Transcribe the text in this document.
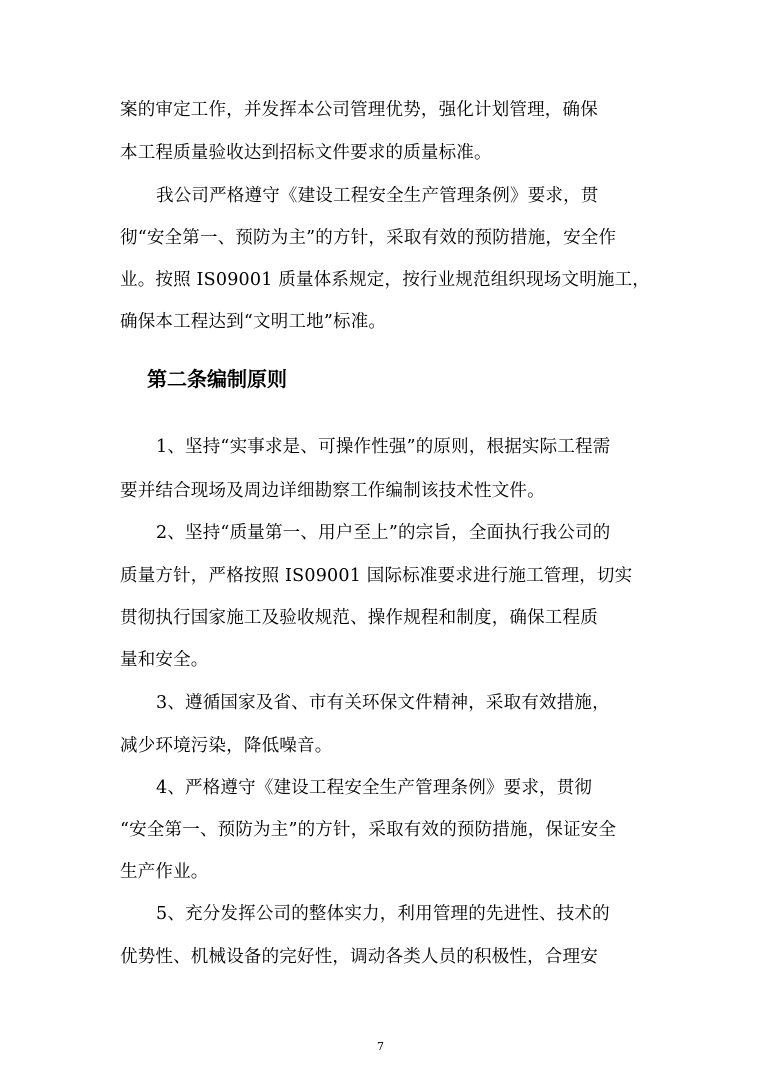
案的审定工作，并发挥本公司管理优势，强化计划管理，确保
本工程质量验收达到招标文件要求的质量标准。
我公司严格遵守《建设工程安全生产管理条例》要求，贯
彻“安全第一、预防为主”的方针，采取有效的预防措施，安全作
业。按照 IS09001 质量体系规定，按行业规范组织现场文明施工，
确保本工程达到“文明工地”标准。
第二条编制原则
1、坚持“实事求是、可操作性强”的原则，根据实际工程需
要并结合现场及周边详细勘察工作编制该技术性文件。
2、坚持“质量第一、用户至上”的宗旨，全面执行我公司的
质量方针，严格按照 IS09001 国际标准要求进行施工管理，切实
贯彻执行国家施工及验收规范、操作规程和制度，确保工程质
量和安全。
3、遵循国家及省、市有关环保文件精神，采取有效措施，
减少环境污染，降低噪音。
4、严格遵守《建设工程安全生产管理条例》要求，贯彻
“安全第一、预防为主”的方针，采取有效的预防措施，保证安全
生产作业。
5、充分发挥公司的整体实力，利用管理的先进性、技术的
优势性、机械设备的完好性，调动各类人员的积极性，合理安
7
